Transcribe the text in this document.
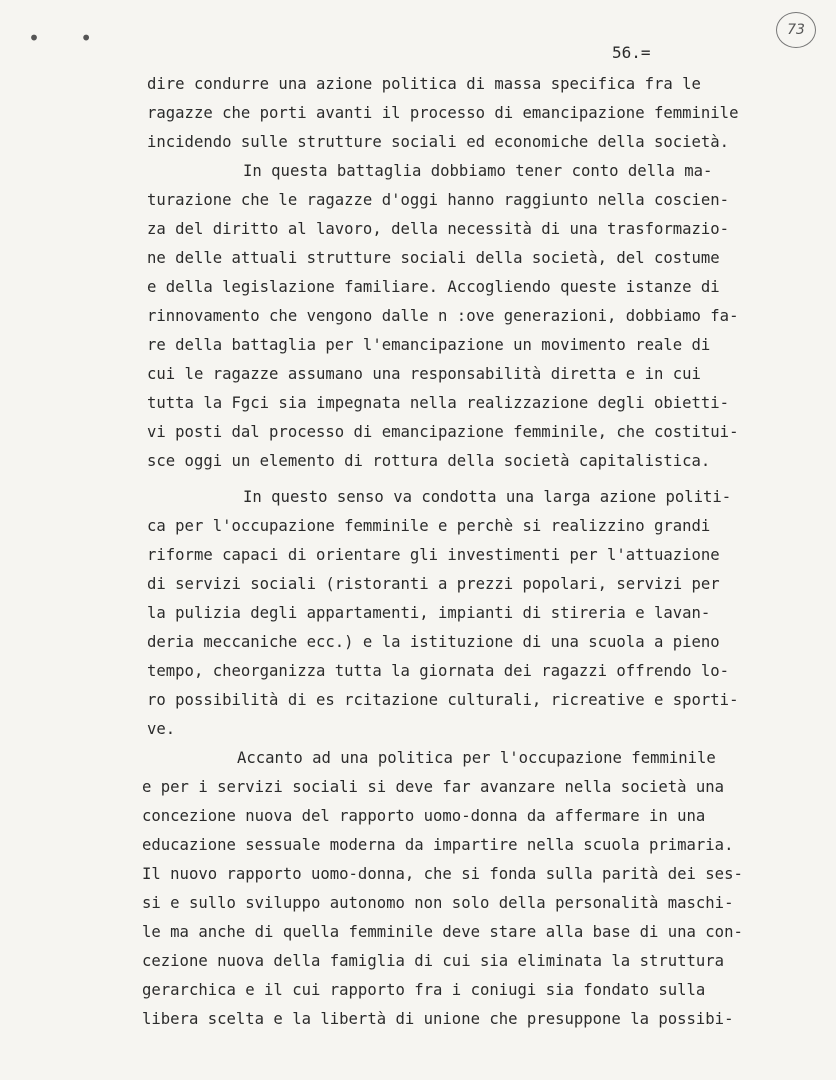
• •	73
56.=
dire condurre una azione politica di massa specifica fra le
ragazze che porti avanti il processo di emancipazione femminile
incidendo sulle strutture sociali ed economiche della società.
In questa battaglia dobbiamo tener conto della ma-
turazione che le ragazze d'oggi hanno raggiunto nella coscien-
za del diritto al lavoro, della necessità di una trasformazio-
ne delle attuali strutture sociali della società, del costume
e della legislazione familiare. Accogliendo queste istanze di
rinnovamento che vengono dalle n :ove generazioni, dobbiamo fa-
re della battaglia per l'emancipazione un movimento reale di
cui le ragazze assumano una responsabilità diretta e in cui
tutta la Fgci sia impegnata nella realizzazione degli obietti-
vi posti dal processo di emancipazione femminile, che costitui-
sce oggi un elemento di rottura della società capitalistica.
In questo senso va condotta una larga azione politi-
ca per l'occupazione femminile e perchè si realizzino grandi
riforme capaci di orientare gli investimenti per l'attuazione
di servizi sociali (ristoranti a prezzi popolari, servizi per
la pulizia degli appartamenti, impianti di stireria e lavan-
deria meccaniche ecc.) e la istituzione di una scuola a pieno
tempo, cheorganizza tutta la giornata dei ragazzi offrendo lo-
ro possibilità di es rcitazione culturali, ricreative e sporti-
ve.
Accanto ad una politica per l'occupazione femminile
e per i servizi sociali si deve far avanzare nella società una
concezione nuova del rapporto uomo-donna da affermare in una
educazione sessuale moderna da impartire nella scuola primaria.
Il nuovo rapporto uomo-donna, che si fonda sulla parità dei ses-
si e sullo sviluppo autonomo non solo della personalità maschi-
le ma anche di quella femminile deve stare alla base di una con-
cezione nuova della famiglia di cui sia eliminata la struttura
gerarchica e il cui rapporto fra i coniugi sia fondato sulla
libera scelta e la libertà di unione che presuppone la possibi-
